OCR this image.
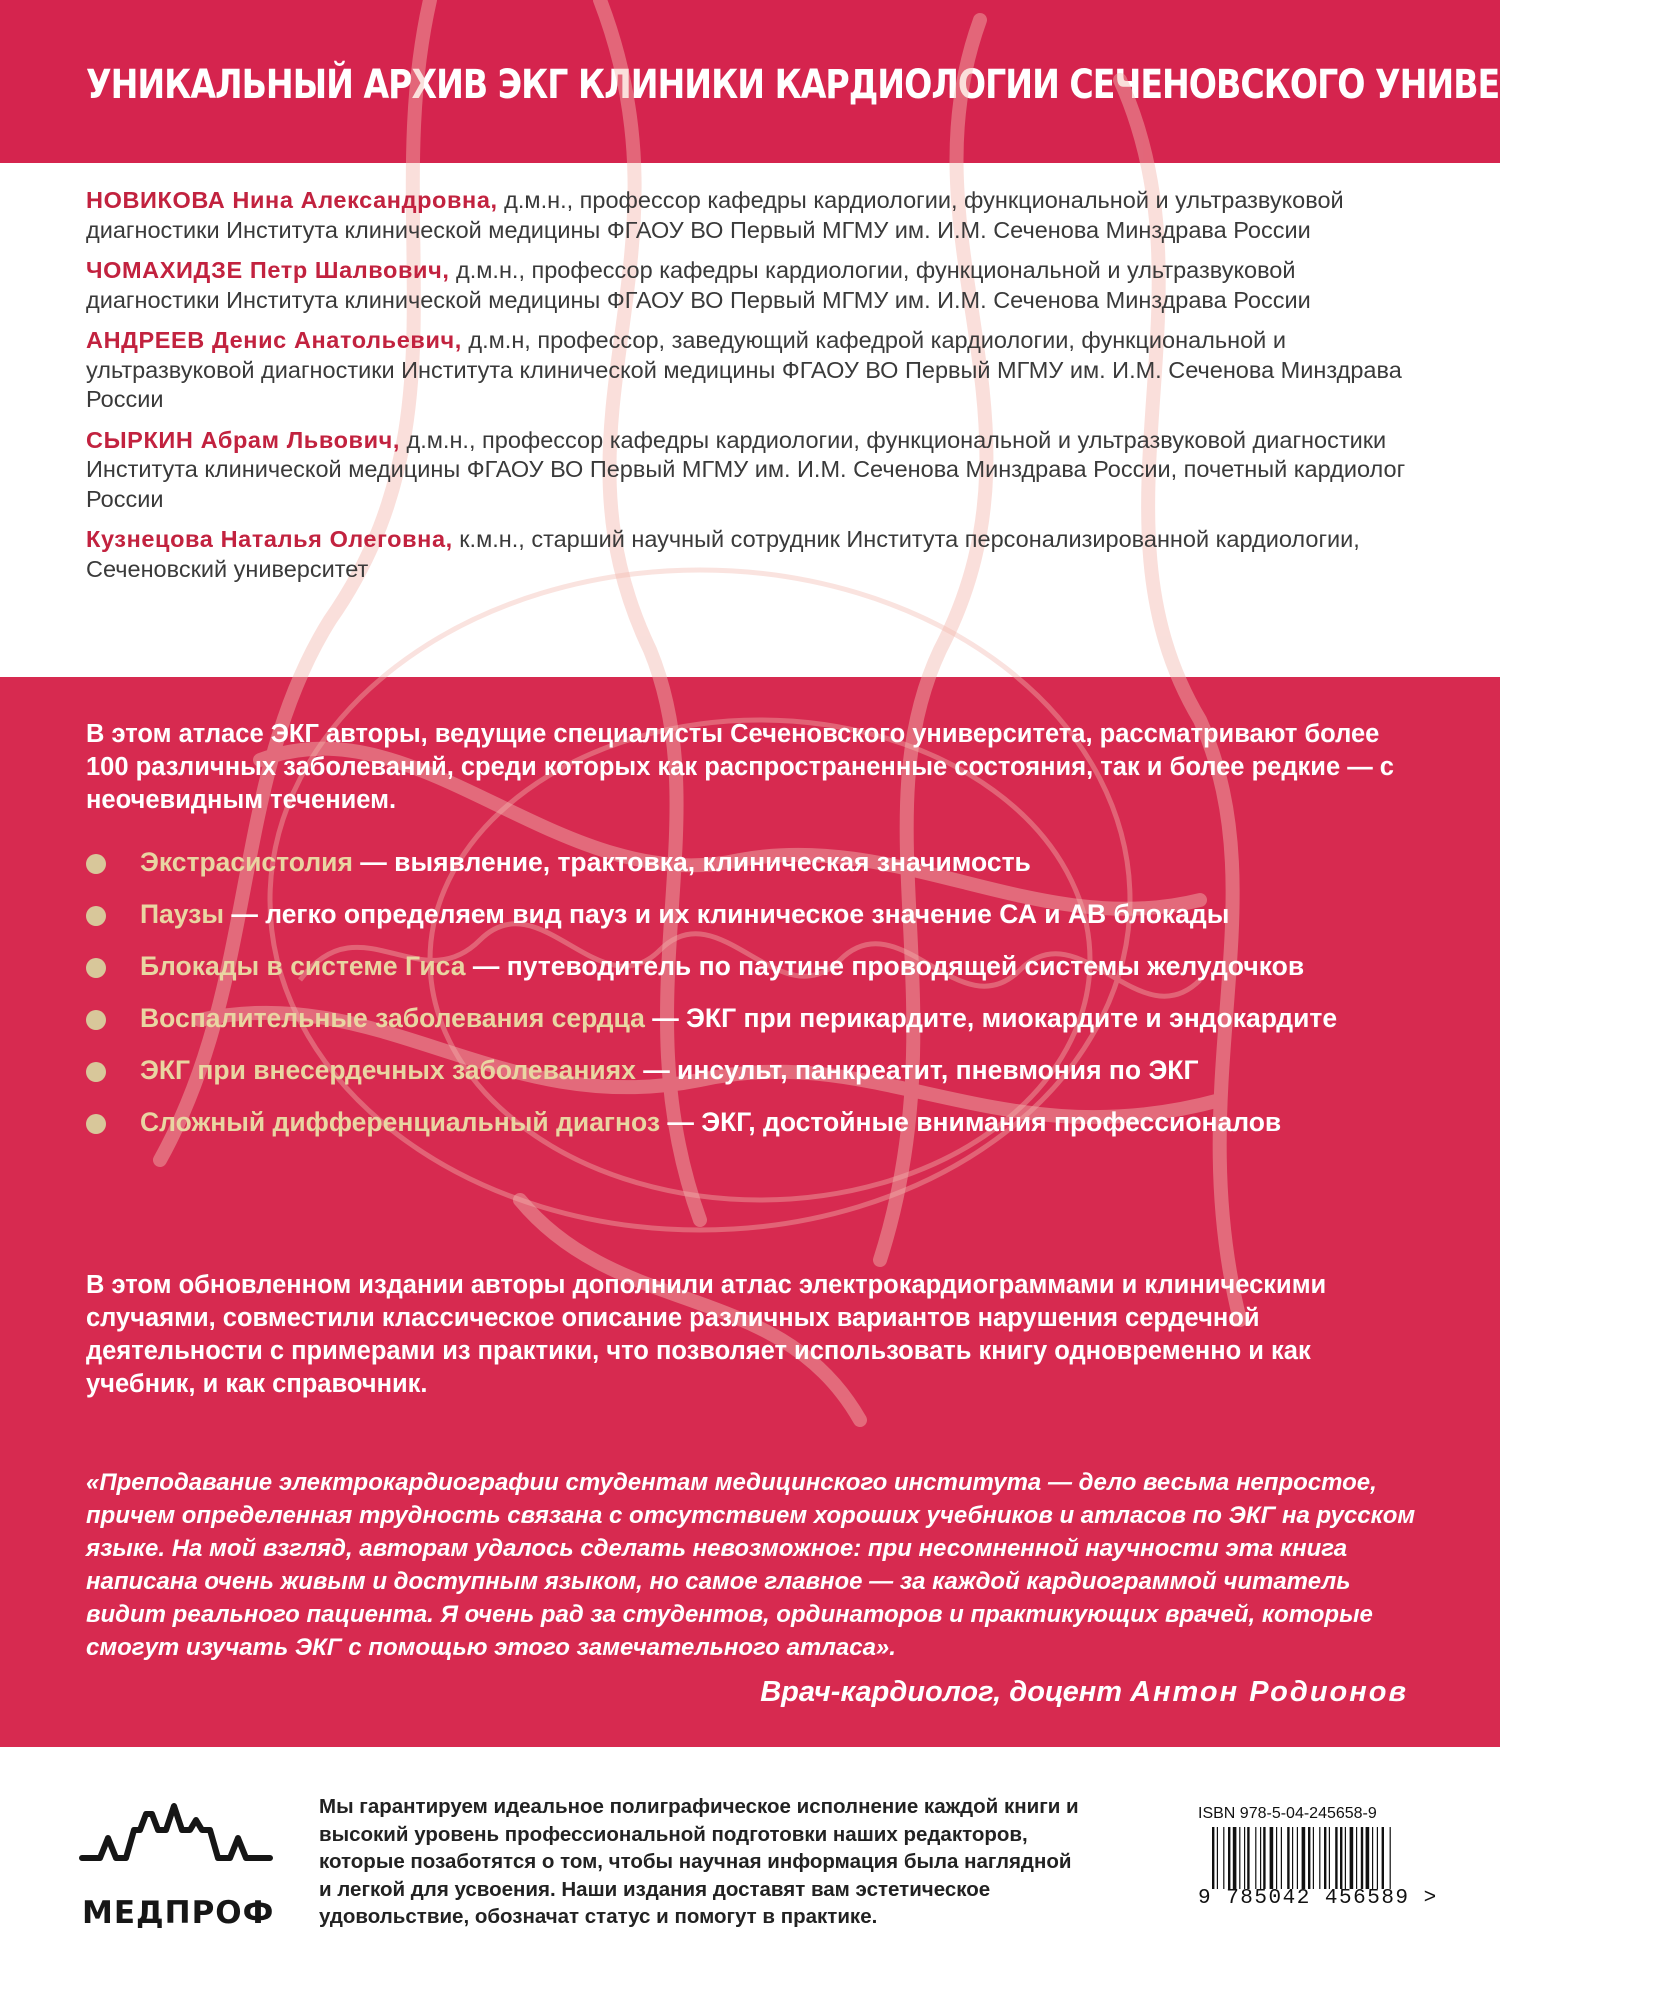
УНИКАЛЬНЫЙ АРХИВ ЭКГ КЛИНИКИ КАРДИОЛОГИИ СЕЧЕНОВСКОГО УНИВЕРСИТЕТА

НОВИКОВА Нина Александровна, д.м.н., профессор кафедры кардиологии, функциональной и ультразвуковой диагностики Института клинической медицины ФГАОУ ВО Первый МГМУ им. И.М. Сеченова Минздрава России

ЧОМАХИДЗЕ Петр Шалвович, д.м.н., профессор кафедры кардиологии, функциональной и ультразвуковой диагностики Института клинической медицины ФГАОУ ВО Первый МГМУ им. И.М. Сеченова Минздрава России

АНДРЕЕВ Денис Анатольевич, д.м.н, профессор, заведующий кафедрой кардиологии, функциональной и ультразвуковой диагностики Института клинической медицины ФГАОУ ВО Первый МГМУ им. И.М. Сеченова Минздрава России

СЫРКИН Абрам Львович, д.м.н., профессор кафедры кардиологии, функциональной и ультразвуковой диагностики Института клинической медицины ФГАОУ ВО Первый МГМУ им. И.М. Сеченова Минздрава России, почетный кардиолог России

Кузнецова Наталья Олеговна, к.м.н., старший научный сотрудник Института персонализированной кардиологии, Сеченовский университет

В этом атласе ЭКГ авторы, ведущие специалисты Сеченовского университета, рассматривают более 100 различных заболеваний, среди которых как распространенные состояния, так и более редкие — с неочевидным течением.

Экстрасистолия — выявление, трактовка, клиническая значимость
Паузы — легко определяем вид пауз и их клиническое значение СА и АВ блокады
Блокады в системе Гиса — путеводитель по паутине проводящей системы желудочков
Воспалительные заболевания сердца — ЭКГ при перикардите, миокардите и эндокардите
ЭКГ при внесердечных заболеваниях — инсульт, панкреатит, пневмония по ЭКГ
Сложный дифференциальный диагноз — ЭКГ, достойные внимания профессионалов

В этом обновленном издании авторы дополнили атлас электрокардиограммами и клиническими случаями, совместили классическое описание различных вариантов нарушения сердечной деятельности с примерами из практики, что позволяет использовать книгу одновременно и как учебник, и как справочник.

«Преподавание электрокардиографии студентам медицинского института — дело весьма непростое, причем определенная трудность связана с отсутствием хороших учебников и атласов по ЭКГ на русском языке. На мой взгляд, авторам удалось сделать невозможное: при несомненной научности эта книга написана очень живым и доступным языком, но самое главное — за каждой кардиограммой читатель видит реального пациента. Я очень рад за студентов, ординаторов и практикующих врачей, которые смогут изучать ЭКГ с помощью этого замечательного атласа».

Врач-кардиолог, доцент Антон Родионов

МЕДПРОФ

Мы гарантируем идеальное полиграфическое исполнение каждой книги и высокий уровень профессиональной подготовки наших редакторов, которые позаботятся о том, чтобы научная информация была наглядной и легкой для усвоения. Наши издания доставят вам эстетическое удовольствие, обозначат статус и помогут в практике.

ISBN 978-5-04-245658-9

9 785042 456589 >
